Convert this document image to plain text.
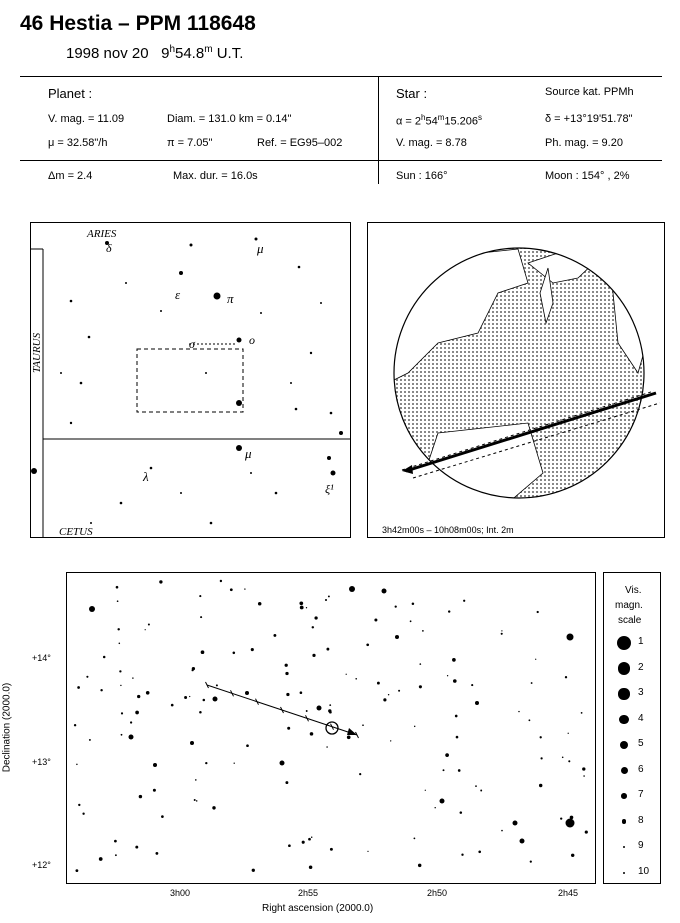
46 Hestia – PPM 118648
1998 nov 20 9$^h$54.8$^m$ U.T.
Planet :
V. mag. = 11.09	Diam. = 131.0 km = 0.14"
μ = 32.58"/h	π = 7.05"	Ref. = EG95–002
Δm = 2.4	Max. dur. = 16.0s
Star :	Source kat. PPMh
$\alpha = 2^h54^m15.206^s$	δ = +13°19'51.78"
V. mag. = 8.78	Ph. mag. = 9.20
Sun : 166°	Moon : 154° , 2%
ARIES
δ	μ
ε	π
σ	o
μ
λ
ξ¹
CETUS
TAURUS
3h42m00s – 10h08m00s; Int. 2m
+14°
+13°
+12°
3h00	2h55	2h50	2h45
Right ascension (2000.0)
Declination (2000.0)
Vis.
magn.
scale
1
2
3
4
5
6
7
8
9
10
